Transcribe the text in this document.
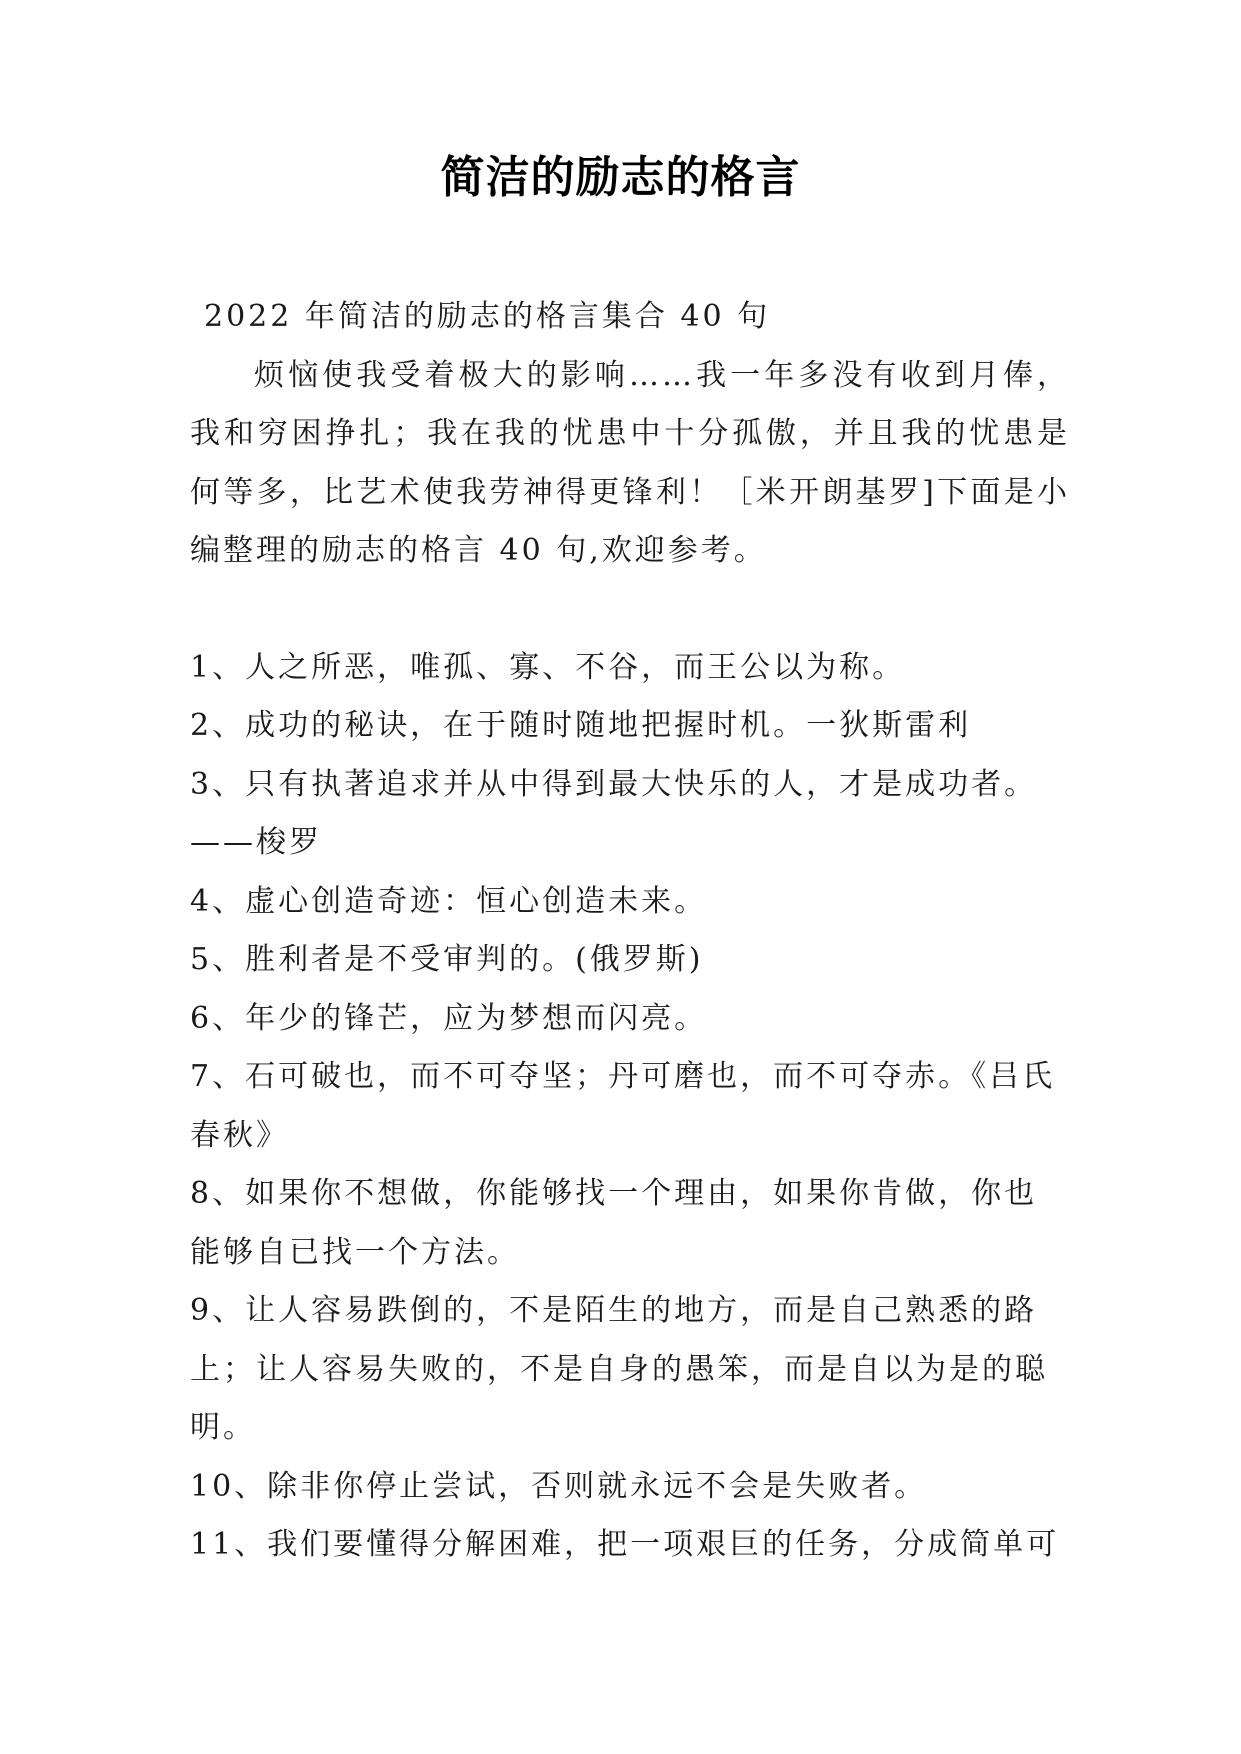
简洁的励志的格言

2022 年简洁的励志的格言集合 40 句

烦恼使我受着极大的影响……我一年多没有收到月俸，我和穷困挣扎；我在我的忧患中十分孤傲，并且我的忧患是何等多，比艺术使我劳神得更锋利！［米开朗基罗]下面是小编整理的励志的格言 40 句,欢迎参考。

1、人之所恶，唯孤、寡、不谷，而王公以为称。
2、成功的秘诀，在于随时随地把握时机。一狄斯雷利
3、只有执著追求并从中得到最大快乐的人，才是成功者。——梭罗
4、虚心创造奇迹：恒心创造未来。
5、胜利者是不受审判的。(俄罗斯)
6、年少的锋芒，应为梦想而闪亮。
7、石可破也，而不可夺坚；丹可磨也，而不可夺赤。《吕氏春秋》
8、如果你不想做，你能够找一个理由，如果你肯做，你也能够自已找一个方法。
9、让人容易跌倒的，不是陌生的地方，而是自己熟悉的路上；让人容易失败的，不是自身的愚笨，而是自以为是的聪明。
10、除非你停止尝试，否则就永远不会是失败者。
11、我们要懂得分解困难，把一项艰巨的任务，分成简单可
